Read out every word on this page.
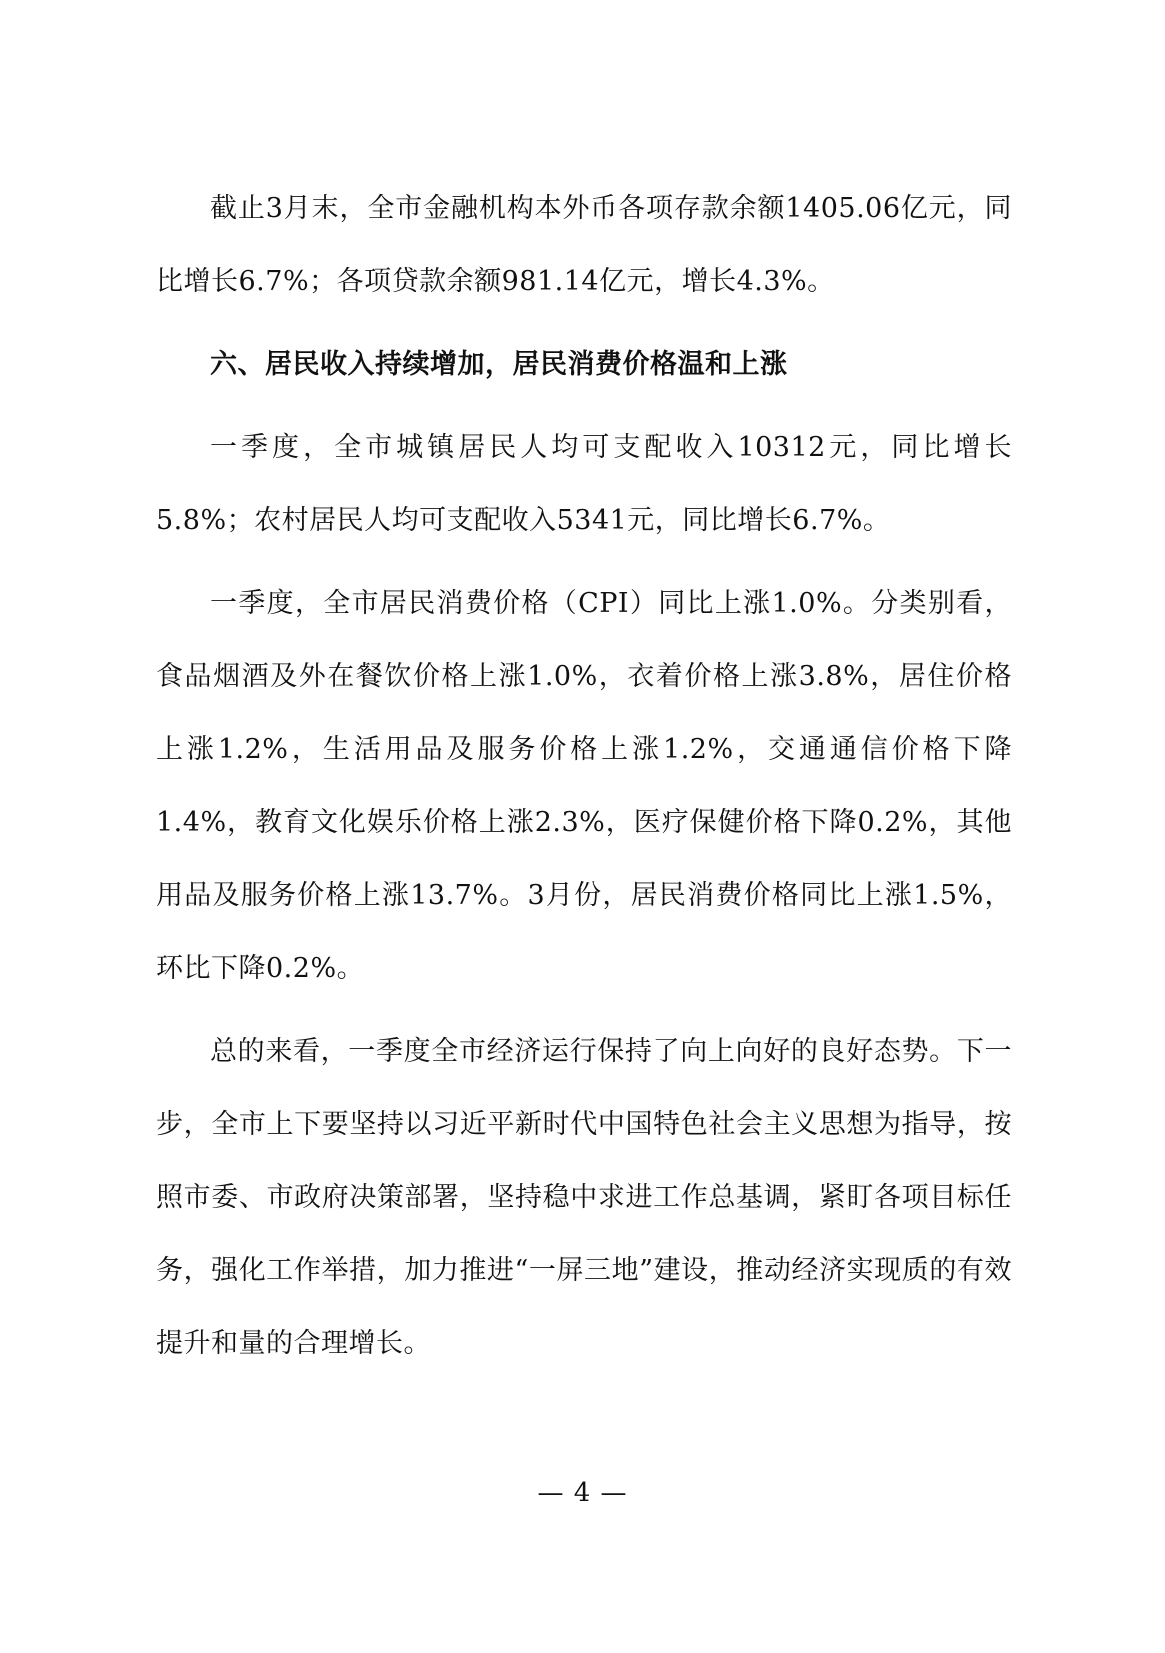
截止3月末，全市金融机构本外币各项存款余额1405.06亿元，同比增长6.7%；各项贷款余额981.14亿元，增长4.3%。

六、居民收入持续增加，居民消费价格温和上涨

一季度，全市城镇居民人均可支配收入10312元，同比增长5.8%；农村居民人均可支配收入5341元，同比增长6.7%。

一季度，全市居民消费价格（CPI）同比上涨1.0%。分类别看，食品烟酒及外在餐饮价格上涨1.0%，衣着价格上涨3.8%，居住价格上涨1.2%，生活用品及服务价格上涨1.2%，交通通信价格下降1.4%，教育文化娱乐价格上涨2.3%，医疗保健价格下降0.2%，其他用品及服务价格上涨13.7%。3月份，居民消费价格同比上涨1.5%，环比下降0.2%。

总的来看，一季度全市经济运行保持了向上向好的良好态势。下一步，全市上下要坚持以习近平新时代中国特色社会主义思想为指导，按照市委、市政府决策部署，坚持稳中求进工作总基调，紧盯各项目标任务，强化工作举措，加力推进“一屏三地”建设，推动经济实现质的有效提升和量的合理增长。

— 4 —
